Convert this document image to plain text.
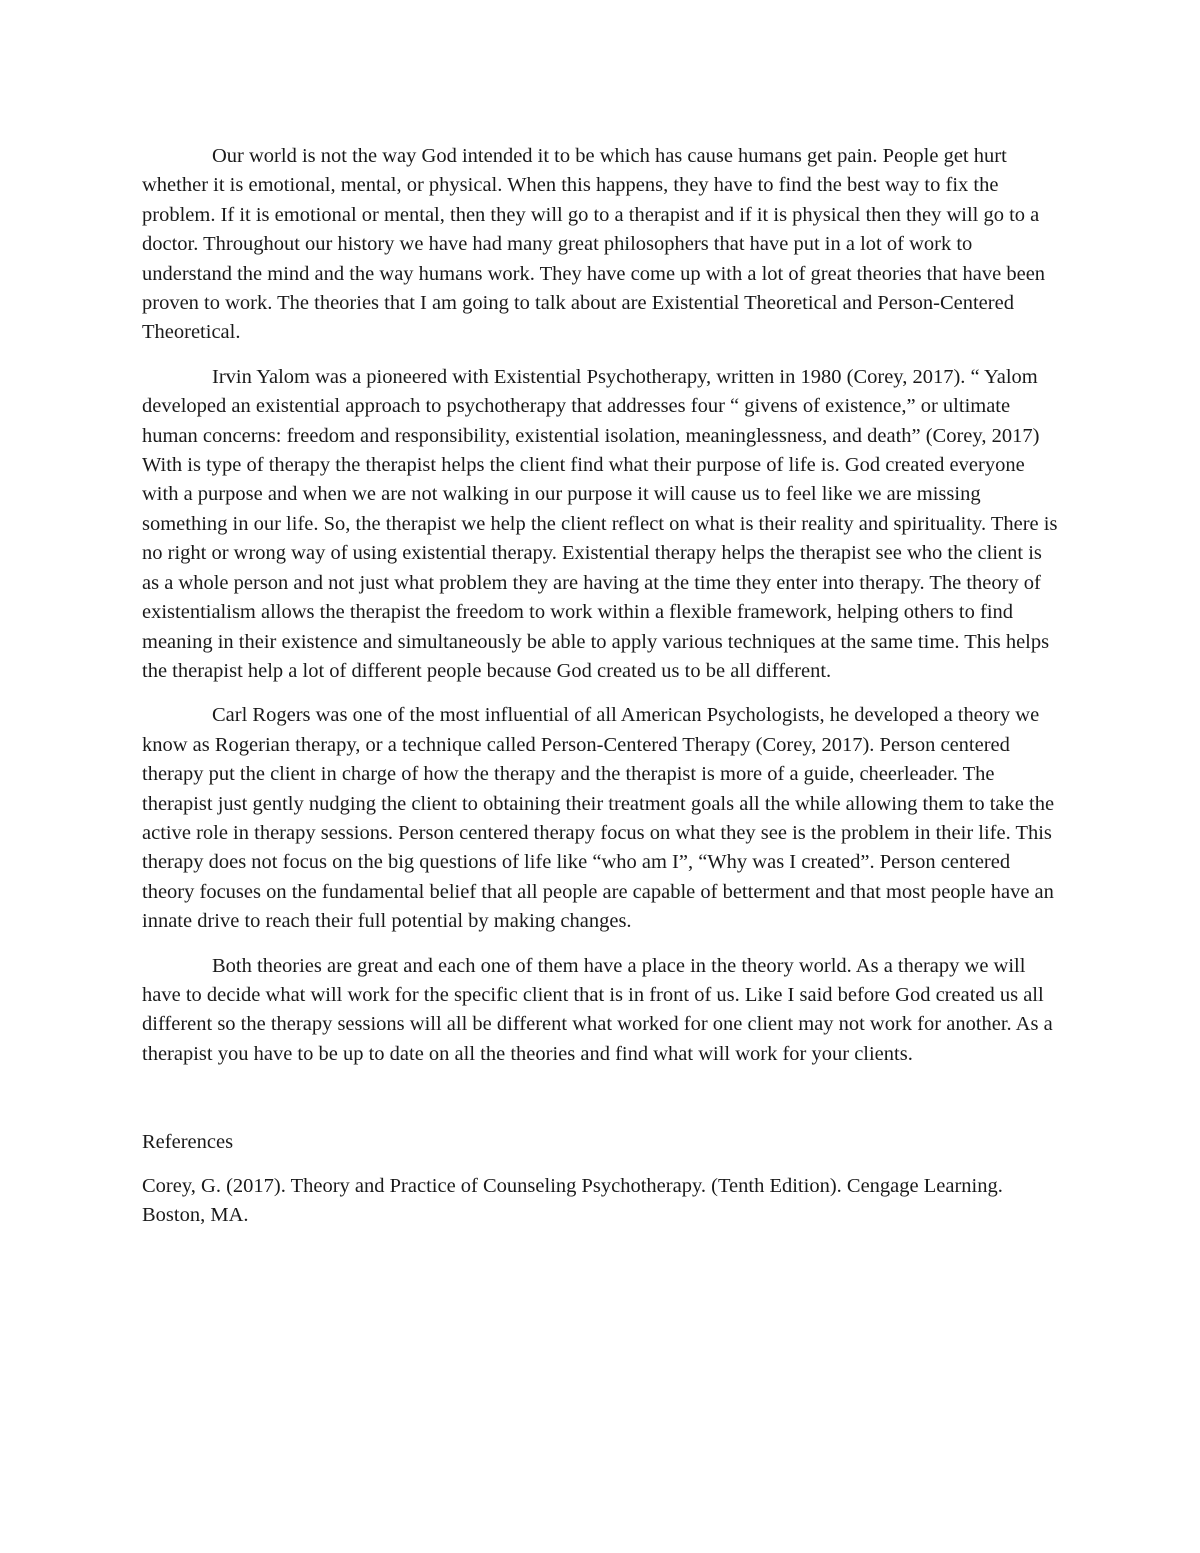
Our world is not the way God intended it to be which has cause humans get pain. People get hurt whether it is emotional, mental, or physical. When this happens, they have to find the best way to fix the problem. If it is emotional or mental, then they will go to a therapist and if it is physical then they will go to a doctor. Throughout our history we have had many great philosophers that have put in a lot of work to understand the mind and the way humans work. They have come up with a lot of great theories that have been proven to work. The theories that I am going to talk about are Existential Theoretical and Person-Centered Theoretical.

Irvin Yalom was a pioneered with Existential Psychotherapy, written in 1980 (Corey, 2017). “ Yalom developed an existential approach to psychotherapy that addresses four “ givens of existence,” or ultimate human concerns: freedom and responsibility, existential isolation, meaninglessness, and death” (Corey, 2017) With is type of therapy the therapist helps the client find what their purpose of life is. God created everyone with a purpose and when we are not walking in our purpose it will cause us to feel like we are missing something in our life. So, the therapist we help the client reflect on what is their reality and spirituality. There is no right or wrong way of using existential therapy. Existential therapy helps the therapist see who the client is as a whole person and not just what problem they are having at the time they enter into therapy. The theory of existentialism allows the therapist the freedom to work within a flexible framework, helping others to find meaning in their existence and simultaneously be able to apply various techniques at the same time. This helps the therapist help a lot of different people because God created us to be all different.

Carl Rogers was one of the most influential of all American Psychologists, he developed a theory we know as Rogerian therapy, or a technique called Person-Centered Therapy (Corey, 2017). Person centered therapy put the client in charge of how the therapy and the therapist is more of a guide, cheerleader. The therapist just gently nudging the client to obtaining their treatment goals all the while allowing them to take the active role in therapy sessions. Person centered therapy focus on what they see is the problem in their life. This therapy does not focus on the big questions of life like “who am I”, “Why was I created”. Person centered theory focuses on the fundamental belief that all people are capable of betterment and that most people have an innate drive to reach their full potential by making changes.

Both theories are great and each one of them have a place in the theory world. As a therapy we will have to decide what will work for the specific client that is in front of us. Like I said before God created us all different so the therapy sessions will all be different what worked for one client may not work for another. As a therapist you have to be up to date on all the theories and find what will work for your clients.

References

Corey, G. (2017). Theory and Practice of Counseling Psychotherapy. (Tenth Edition). Cengage Learning. Boston, MA.
